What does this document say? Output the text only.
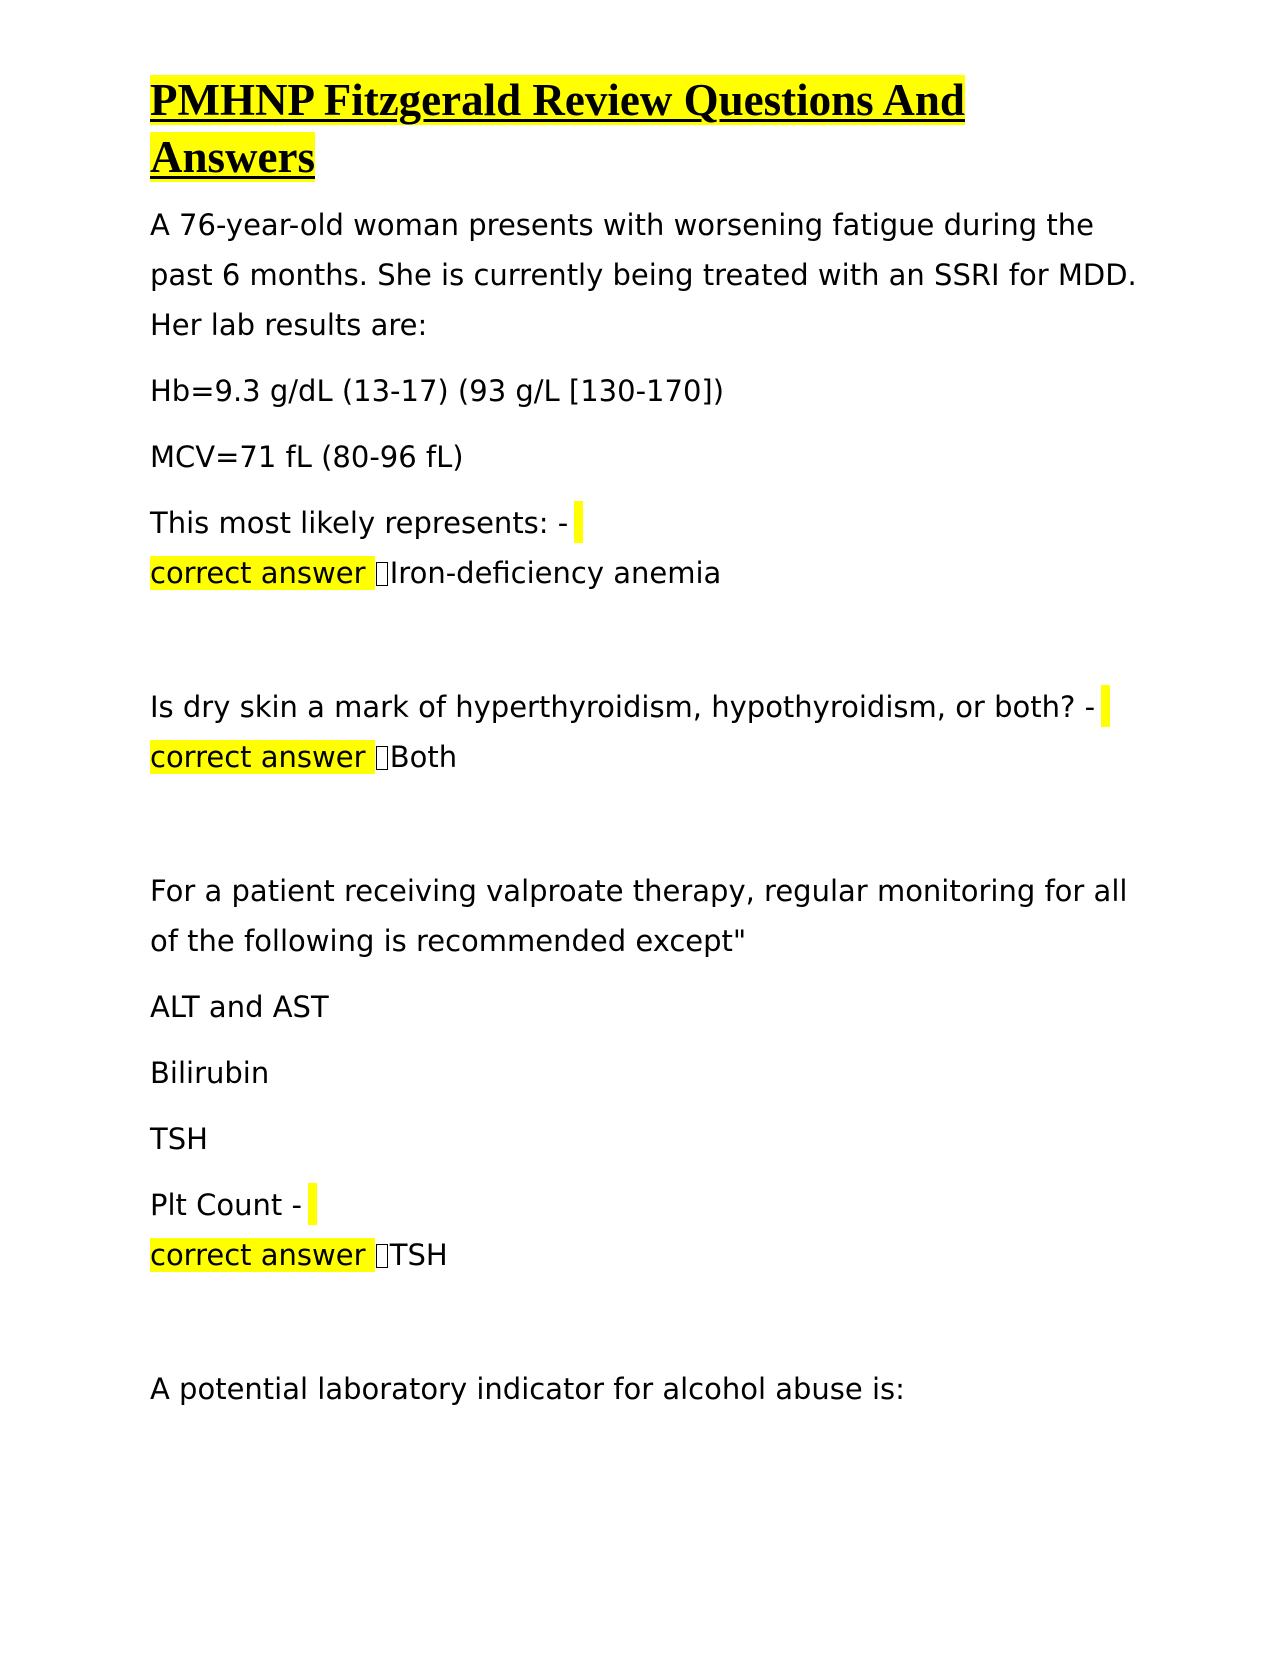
PMHNP Fitzgerald Review Questions And
Answers

A 76-year-old woman presents with worsening fatigue during the past 6 months. She is currently being treated with an SSRI for MDD. Her lab results are:

Hb=9.3 g/dL (13-17) (93 g/L [130-170])

MCV=71 fL (80-96 fL)

This most likely represents: -

correct answer Iron-deficiency anemia

Is dry skin a mark of hyperthyroidism, hypothyroidism, or both? -

correct answer Both

For a patient receiving valproate therapy, regular monitoring for all of the following is recommended except"

ALT and AST

Bilirubin

TSH

Plt Count -

correct answer TSH

A potential laboratory indicator for alcohol abuse is:
